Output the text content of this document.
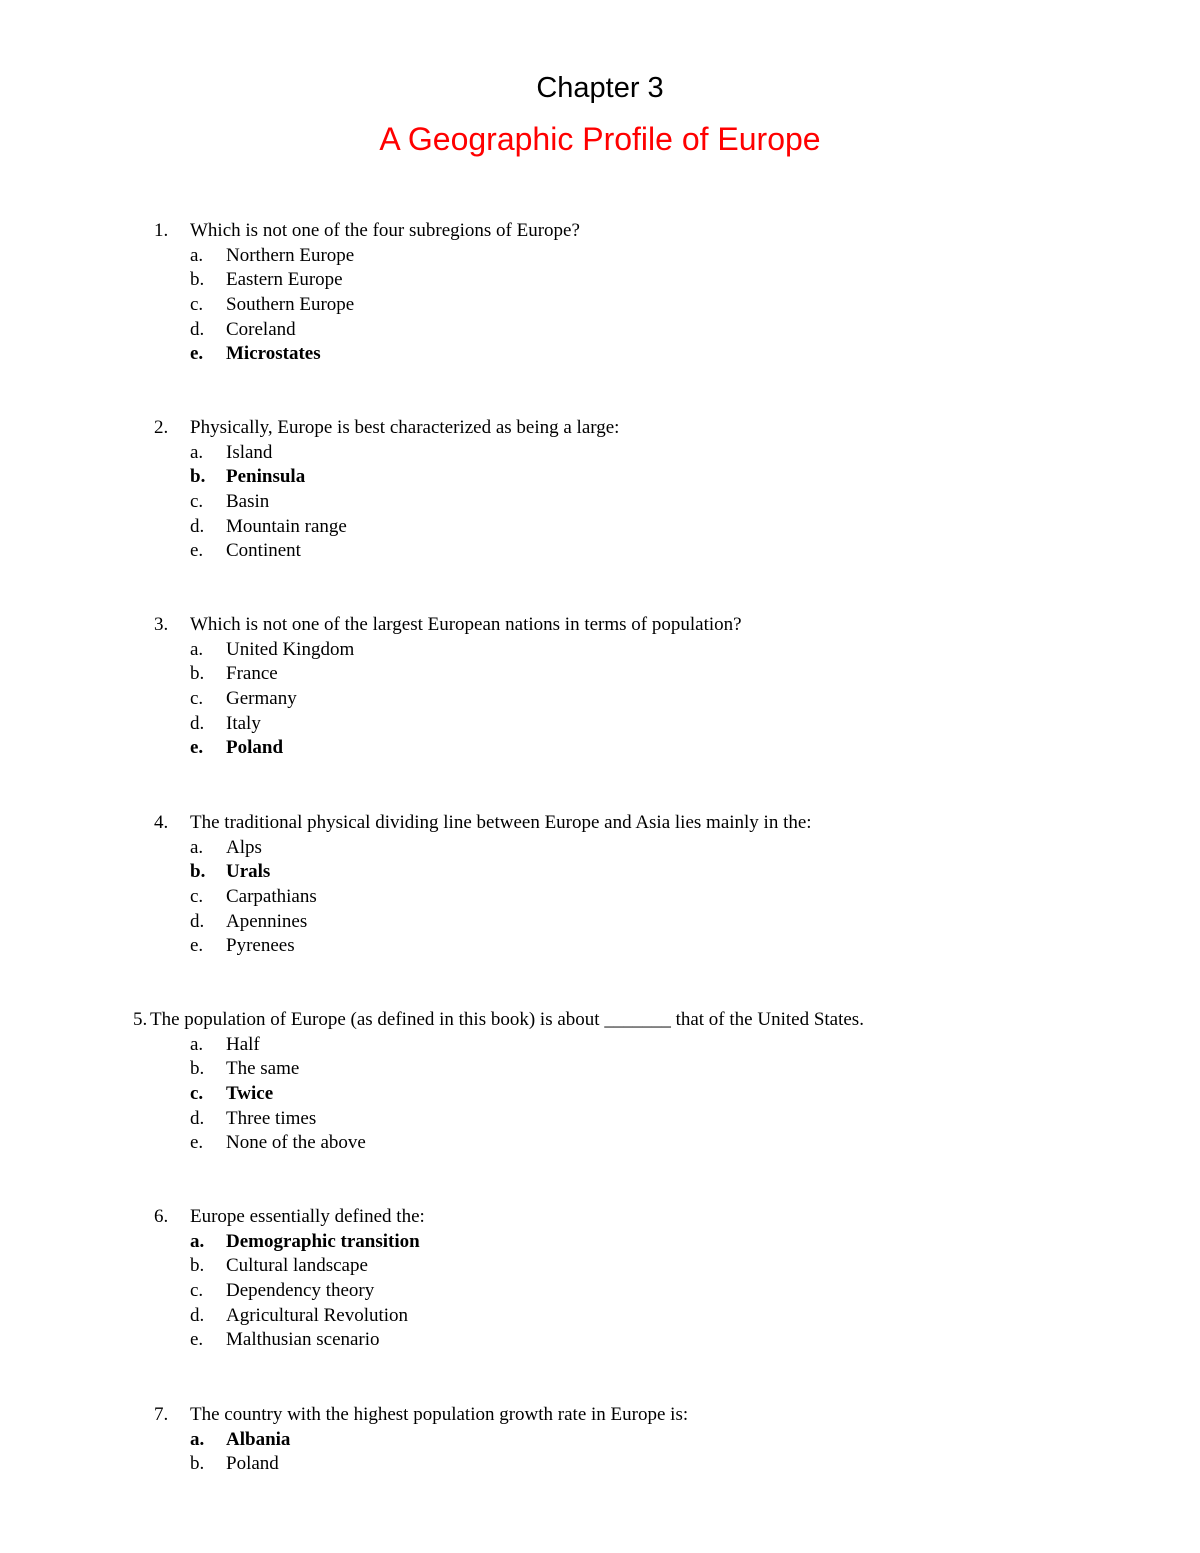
Chapter 3
A Geographic Profile of Europe
1. Which is not one of the four subregions of Europe?
a. Northern Europe
b. Eastern Europe
c. Southern Europe
d. Coreland
e. Microstates
2. Physically, Europe is best characterized as being a large:
a. Island
b. Peninsula
c. Basin
d. Mountain range
e. Continent
3. Which is not one of the largest European nations in terms of population?
a. United Kingdom
b. France
c. Germany
d. Italy
e. Poland
4. The traditional physical dividing line between Europe and Asia lies mainly in the:
a. Alps
b. Urals
c. Carpathians
d. Apennines
e. Pyrenees
5. The population of Europe (as defined in this book) is about _______ that of the United States.
a. Half
b. The same
c. Twice
d. Three times
e. None of the above
6. Europe essentially defined the:
a. Demographic transition
b. Cultural landscape
c. Dependency theory
d. Agricultural Revolution
e. Malthusian scenario
7. The country with the highest population growth rate in Europe is:
a. Albania
b. Poland
